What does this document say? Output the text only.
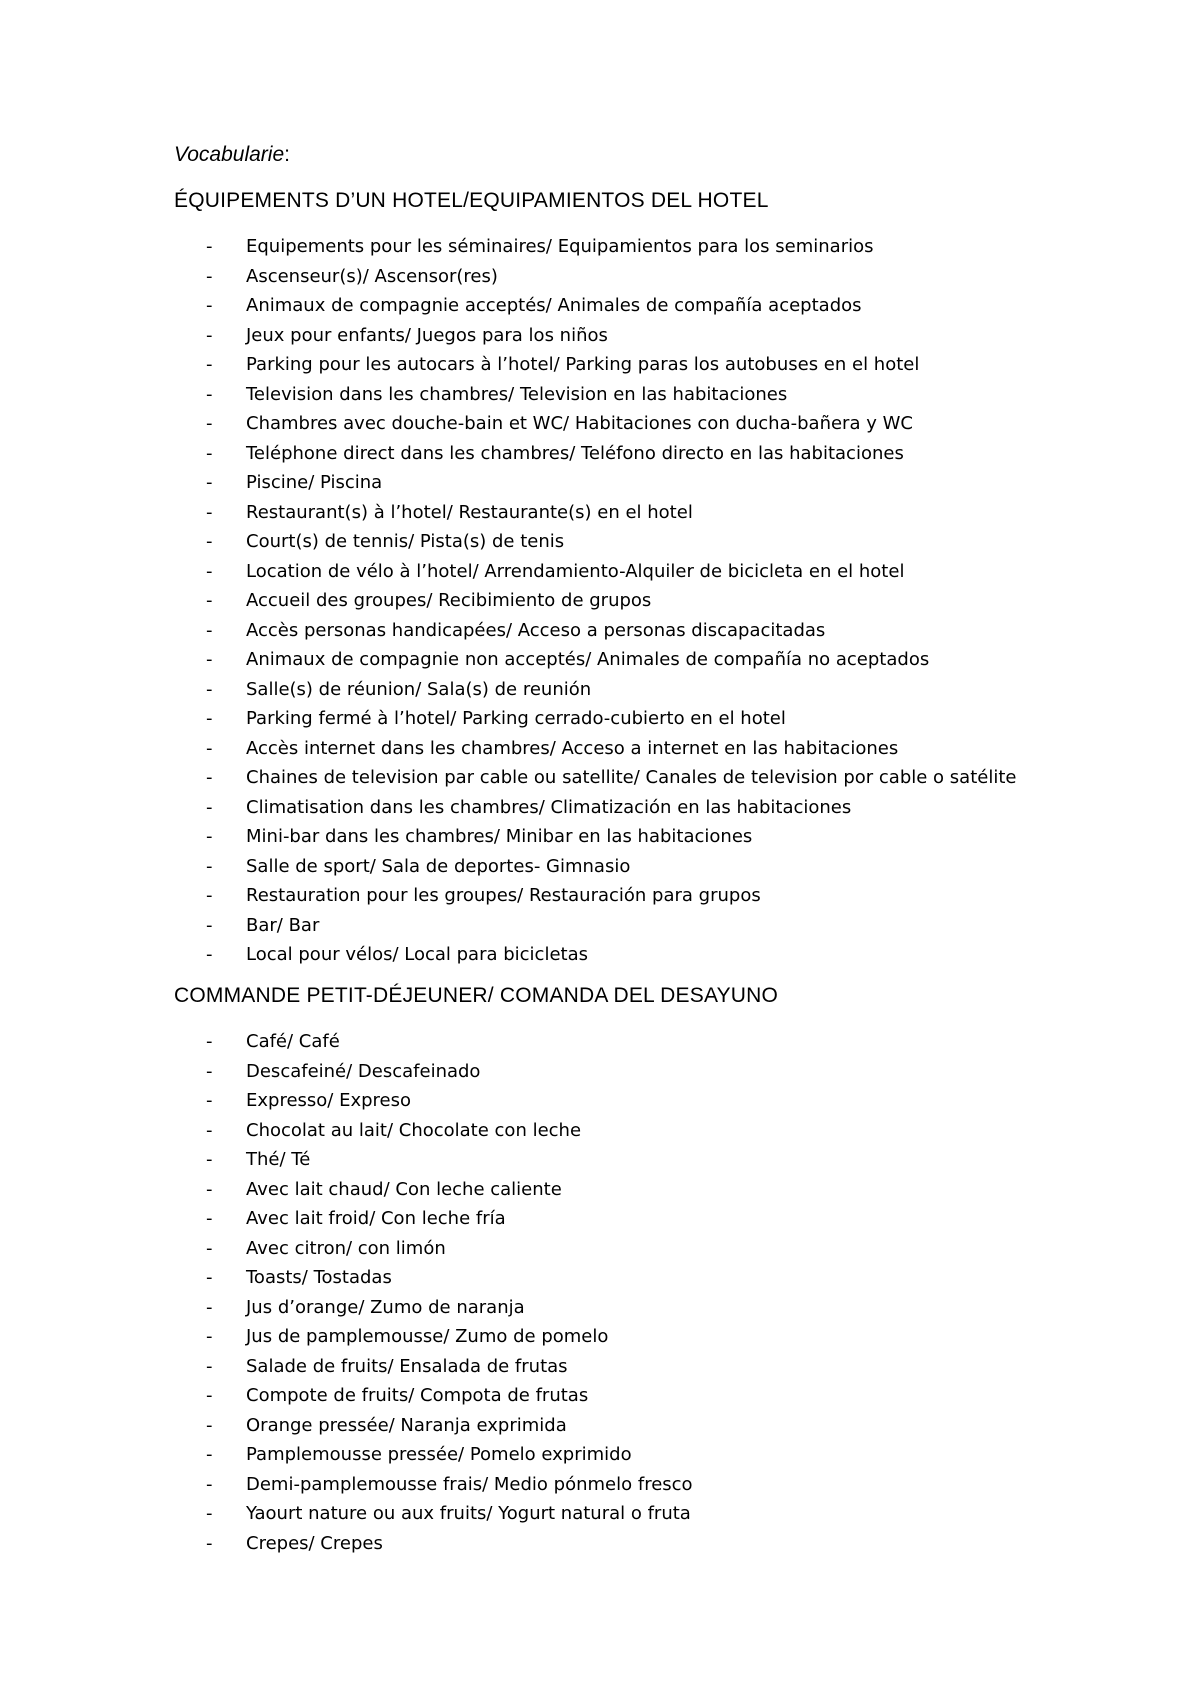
Vocabularie:
ÉQUIPEMENTS D’UN HOTEL/EQUIPAMIENTOS DEL HOTEL
- Equipements pour les séminaires/ Equipamientos para los seminarios
- Ascenseur(s)/ Ascensor(res)
- Animaux de compagnie acceptés/ Animales de compañía aceptados
- Jeux pour enfants/ Juegos para los niños
- Parking pour les autocars à l’hotel/ Parking paras los autobuses en el hotel
- Television dans les chambres/ Television en las habitaciones
- Chambres avec douche-bain et WC/ Habitaciones con ducha-bañera y WC
- Teléphone direct dans les chambres/ Teléfono directo en las habitaciones
- Piscine/ Piscina
- Restaurant(s) à l’hotel/ Restaurante(s) en el hotel
- Court(s) de tennis/ Pista(s) de tenis
- Location de vélo à l’hotel/ Arrendamiento-Alquiler de bicicleta en el hotel
- Accueil des groupes/ Recibimiento de grupos
- Accès personas handicapées/ Acceso a personas discapacitadas
- Animaux de compagnie non acceptés/ Animales de compañía no aceptados
- Salle(s) de réunion/ Sala(s) de reunión
- Parking fermé à l’hotel/ Parking cerrado-cubierto en el hotel
- Accès internet dans les chambres/ Acceso a internet en las habitaciones
- Chaines de television par cable ou satellite/ Canales de television por cable o satélite
- Climatisation dans les chambres/ Climatización en las habitaciones
- Mini-bar dans les chambres/ Minibar en las habitaciones
- Salle de sport/ Sala de deportes- Gimnasio
- Restauration pour les groupes/ Restauración para grupos
- Bar/ Bar
- Local pour vélos/ Local para bicicletas
COMMANDE PETIT-DÉJEUNER/ COMANDA DEL DESAYUNO
- Café/ Café
- Descafeiné/ Descafeinado
- Expresso/ Expreso
- Chocolat au lait/ Chocolate con leche
- Thé/ Té
- Avec lait chaud/ Con leche caliente
- Avec lait froid/ Con leche fría
- Avec citron/ con limón
- Toasts/ Tostadas
- Jus d’orange/ Zumo de naranja
- Jus de pamplemousse/ Zumo de pomelo
- Salade de fruits/ Ensalada de frutas
- Compote de fruits/ Compota de frutas
- Orange pressée/ Naranja exprimida
- Pamplemousse pressée/ Pomelo exprimido
- Demi-pamplemousse frais/ Medio pónmelo fresco
- Yaourt nature ou aux fruits/ Yogurt natural o fruta
- Crepes/ Crepes
